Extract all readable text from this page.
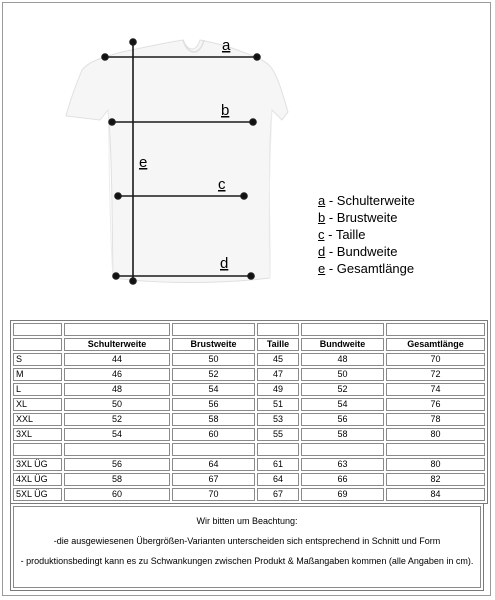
a
b
c
d
e
a - Schulterweite
b - Brustweite
c - Taille
d - Bundweite
e - Gesamtlänge

	Schulterweite	Brustweite	Taille	Bundweite	Gesamtlänge
S	44	50	45	48	70
M	46	52	47	50	72
L	48	54	49	52	74
XL	50	56	51	54	76
XXL	52	58	53	56	78
3XL	54	60	55	58	80

3XL ÜG	56	64	61	63	80
4XL ÜG	58	67	64	66	82
5XL ÜG	60	70	67	69	84

Wir bitten um Beachtung:

-die ausgewiesenen Übergrößen-Varianten unterscheiden sich entsprechend in Schnitt und Form

- produktionsbedingt kann es zu Schwankungen zwischen Produkt & Maßangaben kommen (alle Angaben in cm).
